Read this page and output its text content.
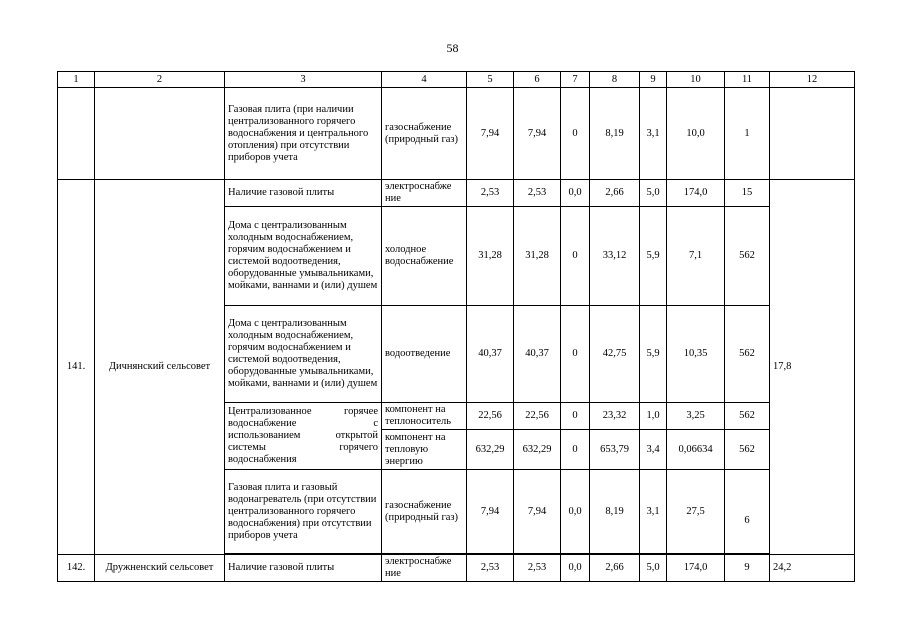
58
1	2	3	4	5	6	7	8	9	10	11	12
		Газовая плита (при наличии централизованного горячего водоснабжения и центрального отопления) при отсутствии приборов учета	газоснабжение (природный газ)	7,94	7,94	0	8,19	3,1	10,0	1	
141.	Дичнянский сельсовет	Наличие газовой плиты	электроснабже ние	2,53	2,53	0,0	2,66	5,0	174,0	15	17,8
		Дома с централизованным холодным водоснабжением, горячим водоснабжением и системой водоотведения, оборудованные умывальниками, мойками, ваннами и (или) душем	холодное водоснабжение	31,28	31,28	0	33,12	5,9	7,1	562	
		Дома с централизованным холодным водоснабжением, горячим водоснабжением и системой водоотведения, оборудованные умывальниками, мойками, ваннами и (или) душем	водоотведение	40,37	40,37	0	42,75	5,9	10,35	562	
		Централизованное горячее водоснабжение с использованием открытой системы горячего водоснабжения	компонент на теплоноситель	22,56	22,56	0	23,32	1,0	3,25	562	
			компонент на тепловую энергию	632,29	632,29	0	653,79	3,4	0,06634	562	
		Газовая плита и газовый водонагреватель (при отсутствии централизованного горячего водоснабжения) при отсутствии приборов учета	газоснабжение (природный газ)	7,94	7,94	0,0	8,19	3,1	27,5	6	

142.	Дружненский сельсовет	Наличие газовой плиты	электроснабже ние	2,53	2,53	0,0	2,66	5,0	174,0	9	24,2
